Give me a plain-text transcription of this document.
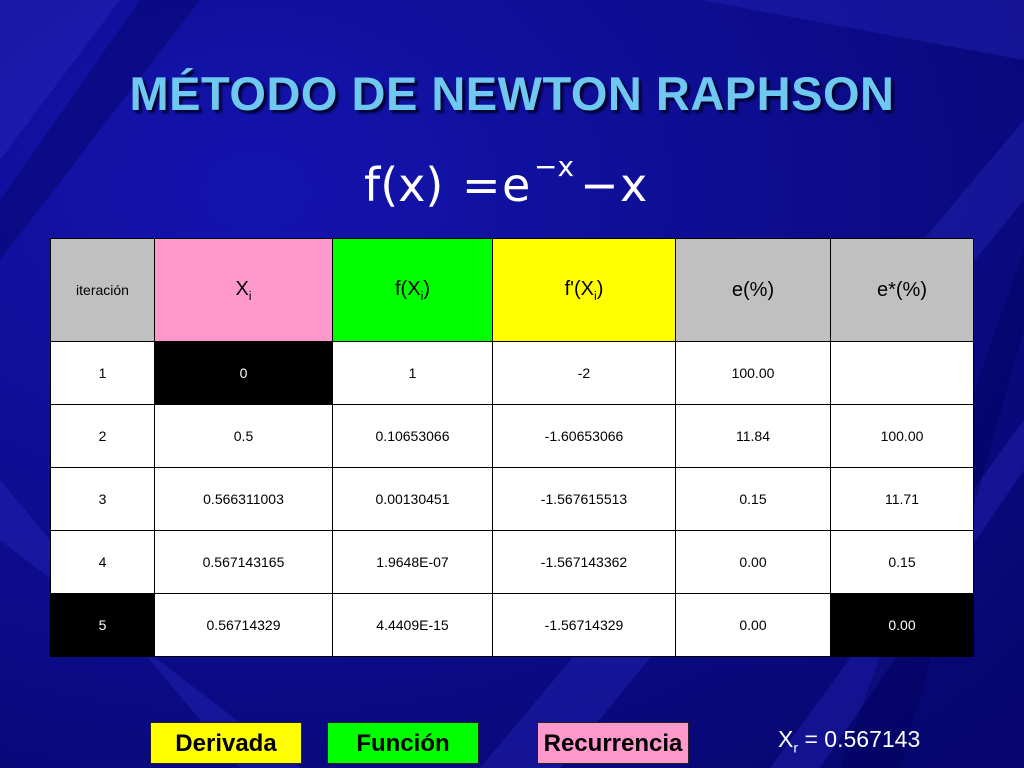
MÉTODO DE NEWTON RAPHSON
f(x) = e −x − x
iteración	$X_i$	$f(X_i)$	$f'(X_i)$	e(%)	e*(%)
1	0	1	-2	100.00	
2	0.5	0.10653066	-1.60653066	11.84	100.00
3	0.566311003	0.00130451	-1.567615513	0.15	11.71
4	0.567143165	1.9648E-07	-1.567143362	0.00	0.15
5	0.56714329	4.4409E-15	-1.56714329	0.00	0.00
Derivada	Función	Recurrencia	$X_r = 0.567143$
